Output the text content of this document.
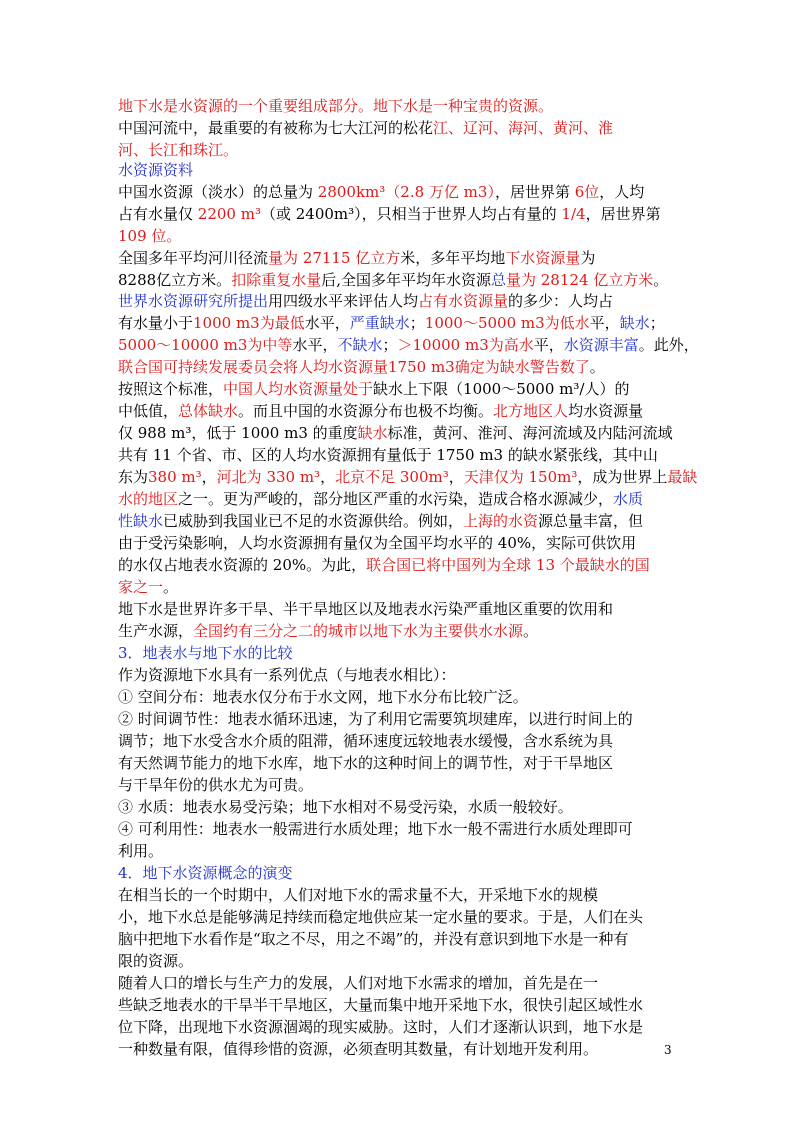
地下水是水资源的一个重要组成部分。地下水是一种宝贵的资源。
中国河流中，最重要的有被称为七大江河的松花江、辽河、海河、黄河、淮
河、长江和珠江。
水资源资料
中国水资源（淡水）的总量为 2800km³（2.8 万亿 m3），居世界第 6位，人均
占有水量仅 2200 m³（或 2400m³），只相当于世界人均占有量的 1/4，居世界第
109 位。
全国多年平均河川径流量为 27115 亿立方米，多年平均地下水资源量为
8288亿立方米。扣除重复水量后,全国多年平均年水资源总量为 28124 亿立方米。
世界水资源研究所提出用四级水平来评估人均占有水资源量的多少：人均占
有水量小于1000 m3为最低水平，严重缺水；1000～5000 m3为低水平，缺水；
5000～10000 m3为中等水平，不缺水；＞10000 m3为高水平，水资源丰富。此外，
联合国可持续发展委员会将人均水资源量1750 m3确定为缺水警告数了。
按照这个标准，中国人均水资源量处于缺水上下限（1000～5000 m³/人）的
中低值，总体缺水。而且中国的水资源分布也极不均衡。北方地区人均水资源量
仅 988 m³，低于 1000 m3 的重度缺水标准，黄河、淮河、海河流域及内陆河流域
共有 11 个省、市、区的人均水资源拥有量低于 1750 m3 的缺水紧张线，其中山
东为380 m³，河北为 330 m³，北京不足 300m³，天津仅为 150m³，成为世界上最缺
水的地区之一。更为严峻的，部分地区严重的水污染，造成合格水源减少，水质
性缺水已威胁到我国业已不足的水资源供给。例如，上海的水资源总量丰富，但
由于受污染影响，人均水资源拥有量仅为全国平均水平的 40%，实际可供饮用
的水仅占地表水资源的 20%。为此，联合国已将中国列为全球 13 个最缺水的国
家之一。
地下水是世界许多干旱、半干旱地区以及地表水污染严重地区重要的饮用和
生产水源，全国约有三分之二的城市以地下水为主要供水水源。
3．地表水与地下水的比较
作为资源地下水具有一系列优点（与地表水相比）：
① 空间分布：地表水仅分布于水文网，地下水分布比较广泛。
② 时间调节性：地表水循环迅速，为了利用它需要筑坝建库，以进行时间上的
调节；地下水受含水介质的阻滞，循环速度远较地表水缓慢，含水系统为具
有天然调节能力的地下水库，地下水的这种时间上的调节性，对于干旱地区
与干旱年份的供水尤为可贵。
③ 水质：地表水易受污染；地下水相对不易受污染，水质一般较好。
④ 可利用性：地表水一般需进行水质处理；地下水一般不需进行水质处理即可
利用。
4．地下水资源概念的演变
在相当长的一个时期中，人们对地下水的需求量不大，开采地下水的规模
小，地下水总是能够满足持续而稳定地供应某一定水量的要求。于是，人们在头
脑中把地下水看作是“取之不尽，用之不竭”的，并没有意识到地下水是一种有
限的资源。
随着人口的增长与生产力的发展，人们对地下水需求的增加，首先是在一
些缺乏地表水的干旱半干旱地区，大量而集中地开采地下水，很快引起区域性水
位下降，出现地下水资源涸竭的现实威胁。这时，人们才逐渐认识到，地下水是
一种数量有限，值得珍惜的资源，必须查明其数量，有计划地开发利用。	3
